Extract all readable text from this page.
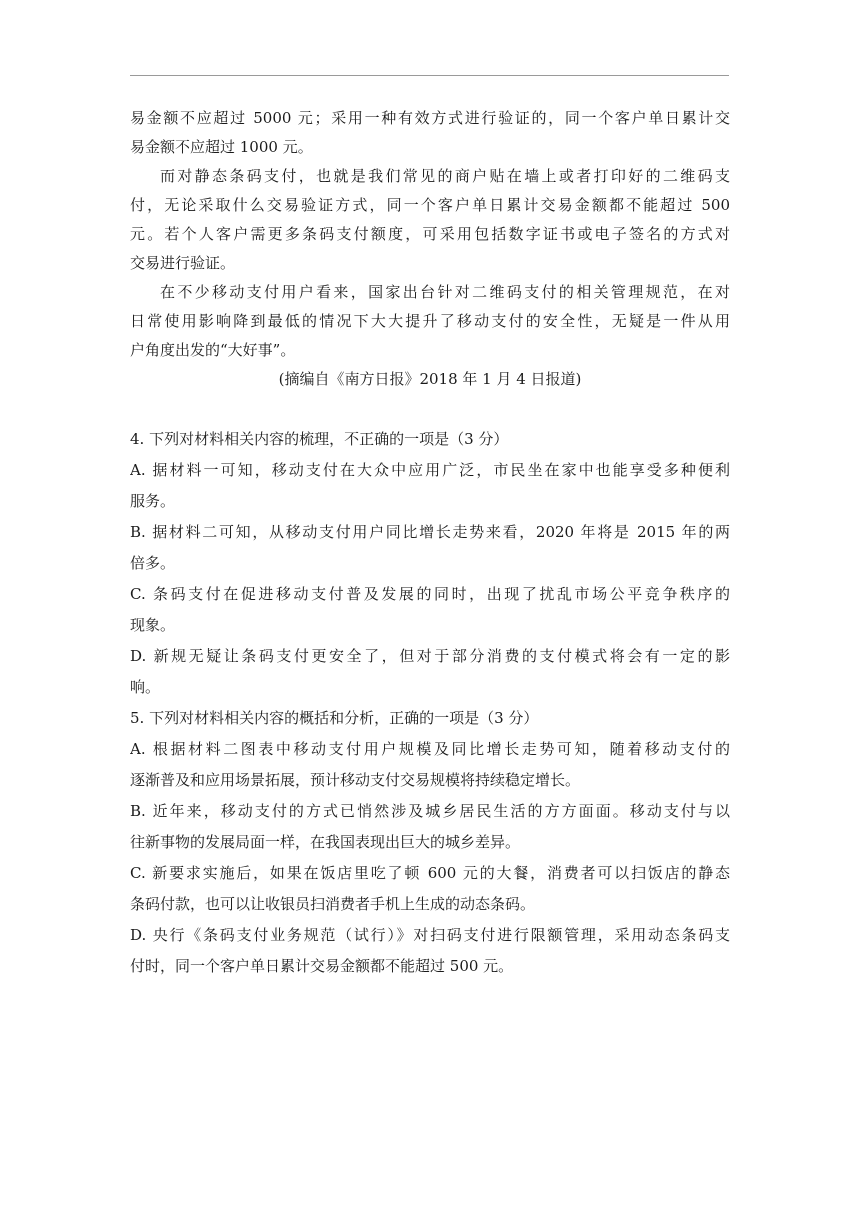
易金额不应超过 5000 元；采用一种有效方式进行验证的，同一个客户单日累计交
易金额不应超过 1000 元。
而对静态条码支付，也就是我们常见的商户贴在墙上或者打印好的二维码支
付，无论采取什么交易验证方式，同一个客户单日累计交易金额都不能超过 500
元。若个人客户需更多条码支付额度，可采用包括数字证书或电子签名的方式对
交易进行验证。
在不少移动支付用户看来，国家出台针对二维码支付的相关管理规范，在对
日常使用影响降到最低的情况下大大提升了移动支付的安全性，无疑是一件从用
户角度出发的“大好事”。
(摘编自《南方日报》2018 年 1 月 4 日报道)
4. 下列对材料相关内容的梳理，不正确的一项是（3 分）
A. 据材料一可知，移动支付在大众中应用广泛，市民坐在家中也能享受多种便利
服务。
B. 据材料二可知，从移动支付用户同比增长走势来看，2020 年将是 2015 年的两
倍多。
C. 条码支付在促进移动支付普及发展的同时，出现了扰乱市场公平竞争秩序的
现象。
D. 新规无疑让条码支付更安全了，但对于部分消费的支付模式将会有一定的影
响。
5. 下列对材料相关内容的概括和分析，正确的一项是（3 分）
A. 根据材料二图表中移动支付用户规模及同比增长走势可知，随着移动支付的
逐渐普及和应用场景拓展，预计移动支付交易规模将持续稳定增长。
B. 近年来，移动支付的方式已悄然涉及城乡居民生活的方方面面。移动支付与以
往新事物的发展局面一样，在我国表现出巨大的城乡差异。
C. 新要求实施后，如果在饭店里吃了顿 600 元的大餐，消费者可以扫饭店的静态
条码付款，也可以让收银员扫消费者手机上生成的动态条码。
D. 央行《条码支付业务规范（试行）》对扫码支付进行限额管理，采用动态条码支
付时，同一个客户单日累计交易金额都不能超过 500 元。
